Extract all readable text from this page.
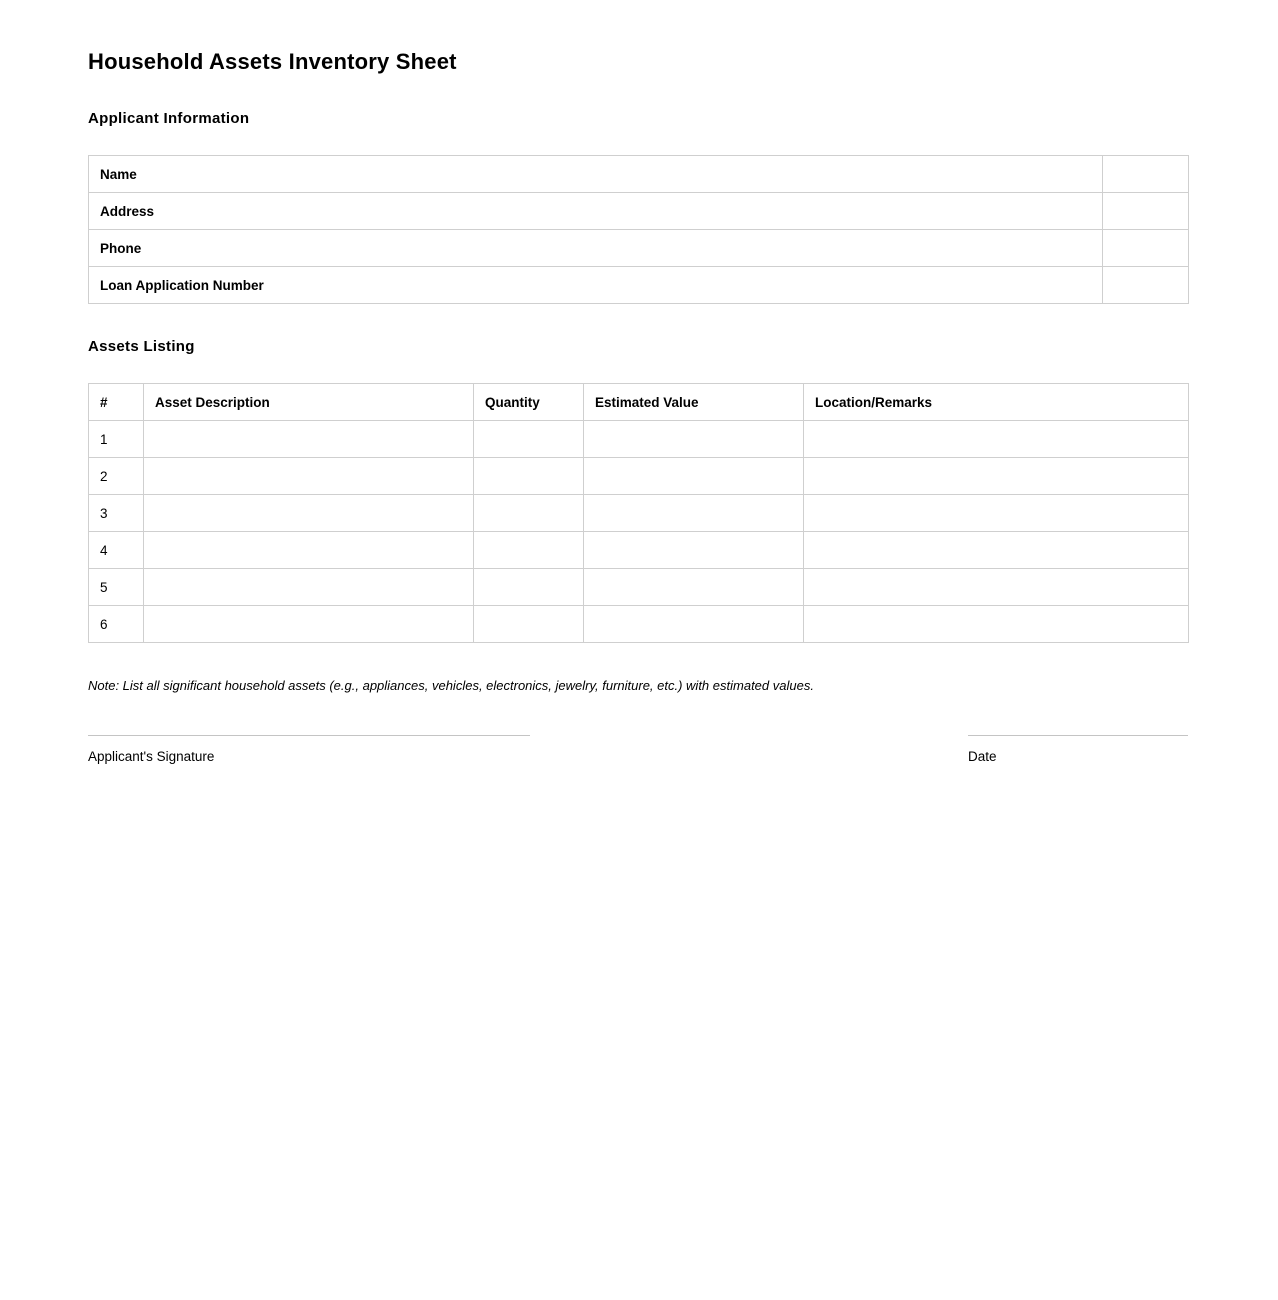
Household Assets Inventory Sheet
Applicant Information
Name	
Address	
Phone	
Loan Application Number	
Assets Listing
#	Asset Description	Quantity	Estimated Value	Location/Remarks
1				
2				
3				
4				
5				
6				

Note: List all significant household assets (e.g., appliances, vehicles, electronics, jewelry, furniture, etc.) with estimated values.

Applicant's Signature	Date
